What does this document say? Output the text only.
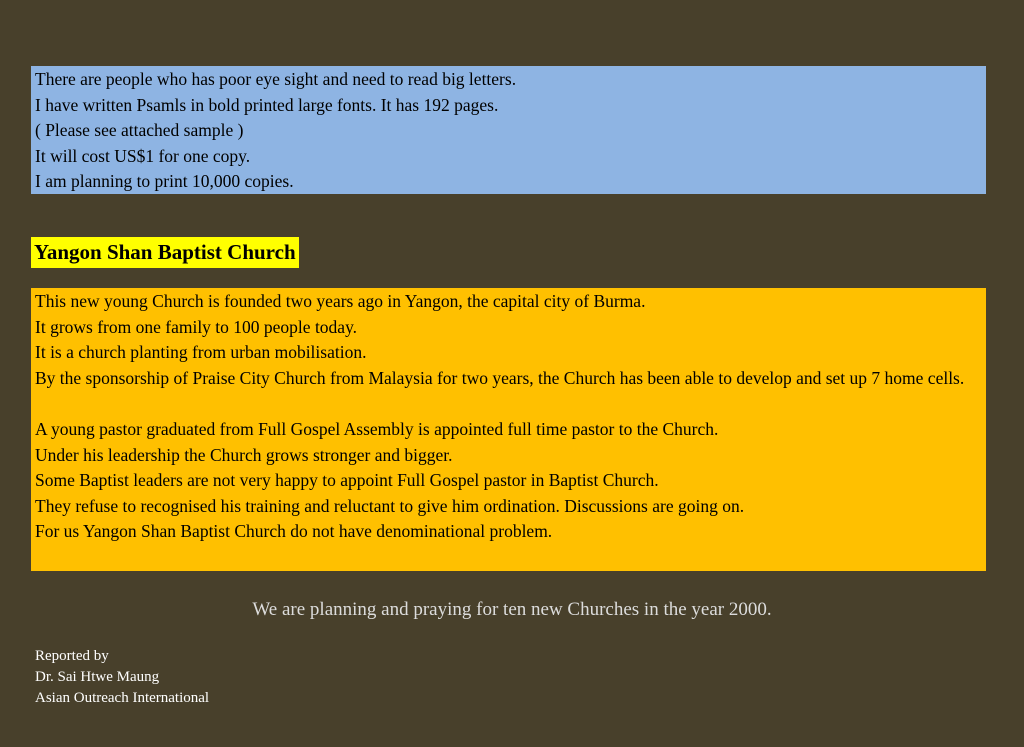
There are people who has poor eye sight and need to read big letters.
I have written Psamls in bold printed large fonts. It has 192 pages.
( Please see attached sample )
It will cost US$1 for one copy.
I am planning to print 10,000 copies.
Yangon Shan Baptist Church
This new young Church is founded two years ago in Yangon, the capital city of Burma.
It grows from one family to 100 people today.
It is a church planting from urban mobilisation.
By the sponsorship of Praise City Church from Malaysia for two years, the Church has been able to develop and set up 7 home cells.
A young pastor graduated from Full Gospel Assembly is appointed full time pastor to the Church.
Under his leadership the Church grows stronger and bigger.
Some Baptist leaders are not very happy to appoint Full Gospel pastor in Baptist Church.
They refuse to recognised his training and reluctant to give him ordination. Discussions are going on.
For us Yangon Shan Baptist Church do not have denominational problem.
We are planning and praying for ten new Churches in the year 2000.
Reported by
Dr. Sai Htwe Maung
Asian Outreach International
